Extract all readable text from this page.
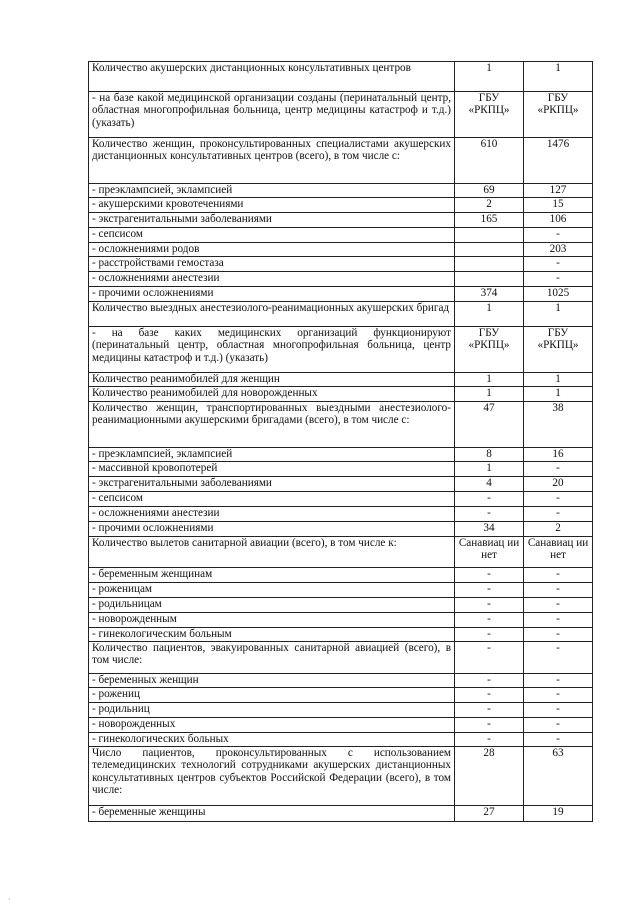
Количество акушерских дистанционных консультативных центров	1	1
- на базе какой медицинской организации созданы (перинатальный центр, областная многопрофильная больница, центр медицины катастроф и т.д.) (указать)	ГБУ «РКПЦ»	ГБУ «РКПЦ»
Количество женщин, проконсультированных специалистами акушерских дистанционных консультативных центров (всего), в том числе с:	610	1476
- преэклампсией, эклампсией	69	127
- акушерскими кровотечениями	2	15
- экстрагенитальными заболеваниями	165	106
- сепсисом		-
- осложнениями родов		203
- расстройствами гемостаза		-
- осложнениями анестезии		-
- прочими осложнениями	374	1025
Количество выездных анестезиолого-реанимационных акушерских бригад	1	1
- на базе каких медицинских организаций функционируют (перинатальный центр, областная многопрофильная больница, центр медицины катастроф и т.д.) (указать)	ГБУ «РКПЦ»	ГБУ «РКПЦ»
Количество реанимобилей для женщин	1	1
Количество реанимобилей для новорожденных	1	1
Количество женщин, транспортированных выездными анестезиолого-реанимационными акушерскими бригадами (всего), в том числе с:	47	38
- преэклампсией, эклампсией	8	16
- массивной кровопотерей	1	-
- экстрагенитальными заболеваниями	4	20
- сепсисом	-	-
- осложнениями анестезии	-	-
- прочими осложнениями	34	2
Количество вылетов санитарной авиации (всего), в том числе к:	Санавиац ии нет	Санавиац ии нет
- беременным женщинам	-	-
- роженицам	-	-
- родильницам	-	-
- новорожденным	-	-
- гинекологическим больным	-	-
Количество пациентов, эвакуированных санитарной авиацией (всего), в том числе:	-	-
- беременных женщин	-	-
- рожениц	-	-
- родильниц	-	-
- новорожденных	-	-
- гинекологических больных	-	-
Число пациентов, проконсультированных с использованием телемедицинских технологий сотрудниками акушерских дистанционных консультативных центров субъектов Российской Федерации (всего), в том числе:	28	63
- беременные женщины	27	19
·
